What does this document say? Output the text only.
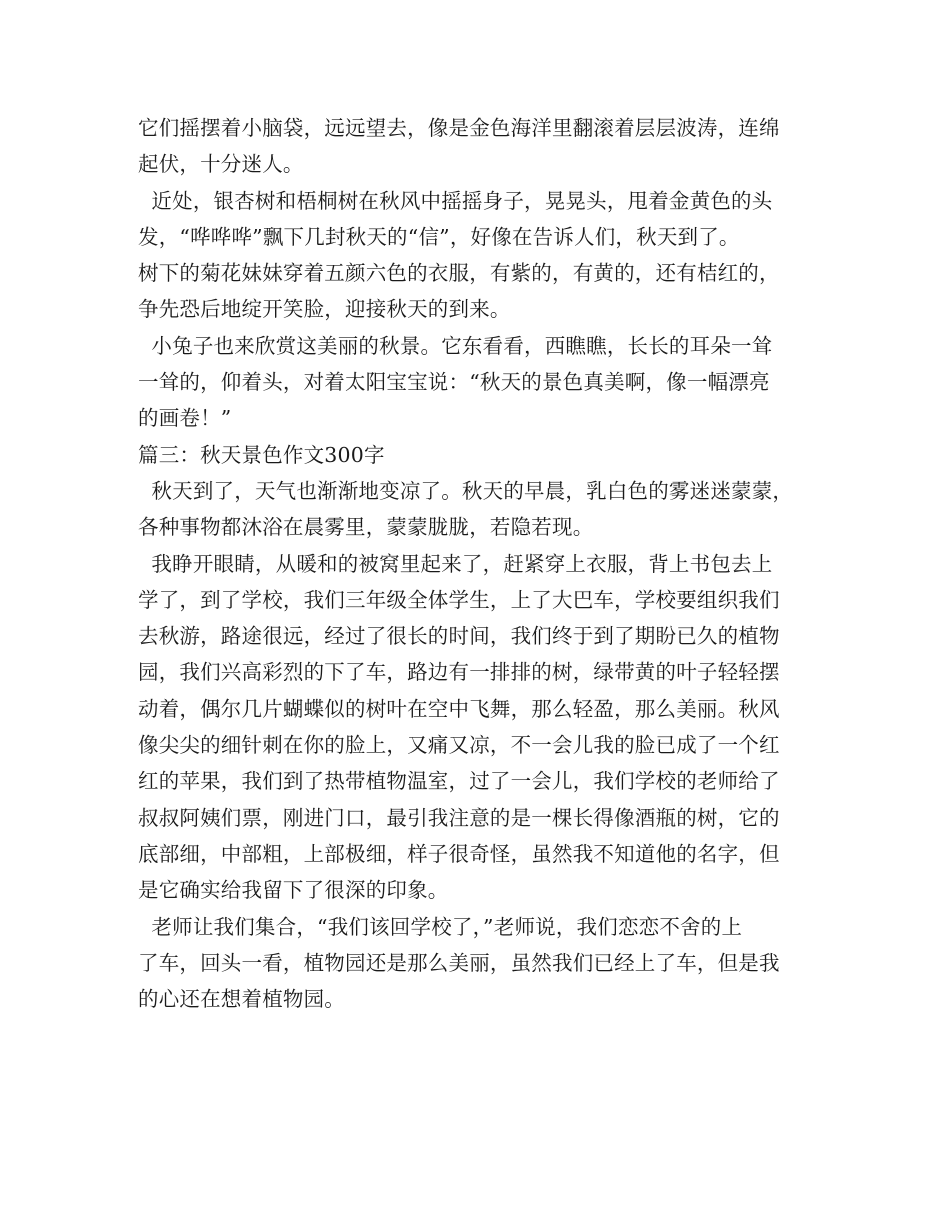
它们摇摆着小脑袋，远远望去，像是金色海洋里翻滚着层层波涛，连绵
起伏，十分迷人。
近处，银杏树和梧桐树在秋风中摇摇身子，晃晃头，甩着金黄色的头
发，“哗哗哗”飘下几封秋天的“信”，好像在告诉人们，秋天到了。
树下的菊花妹妹穿着五颜六色的衣服，有紫的，有黄的，还有桔红的，
争先恐后地绽开笑脸，迎接秋天的到来。
小兔子也来欣赏这美丽的秋景。它东看看，西瞧瞧，长长的耳朵一耸
一耸的，仰着头，对着太阳宝宝说：“秋天的景色真美啊，像一幅漂亮
的画卷！”
篇三：秋天景色作文300字
秋天到了，天气也渐渐地变凉了。秋天的早晨，乳白色的雾迷迷蒙蒙，
各种事物都沐浴在晨雾里，蒙蒙胧胧，若隐若现。
我睁开眼睛，从暖和的被窝里起来了，赶紧穿上衣服，背上书包去上
学了，到了学校，我们三年级全体学生，上了大巴车，学校要组织我们
去秋游，路途很远，经过了很长的时间，我们终于到了期盼已久的植物
园，我们兴高彩烈的下了车，路边有一排排的树，绿带黄的叶子轻轻摆
动着，偶尔几片蝴蝶似的树叶在空中飞舞，那么轻盈，那么美丽。秋风
像尖尖的细针刺在你的脸上，又痛又凉，不一会儿我的脸已成了一个红
红的苹果，我们到了热带植物温室，过了一会儿，我们学校的老师给了
叔叔阿姨们票，刚进门口，最引我注意的是一棵长得像酒瓶的树，它的
底部细，中部粗，上部极细，样子很奇怪，虽然我不知道他的名字，但
是它确实给我留下了很深的印象。
老师让我们集合，“我们该回学校了，”老师说，我们恋恋不舍的上
了车，回头一看，植物园还是那么美丽，虽然我们已经上了车，但是我
的心还在想着植物园。
